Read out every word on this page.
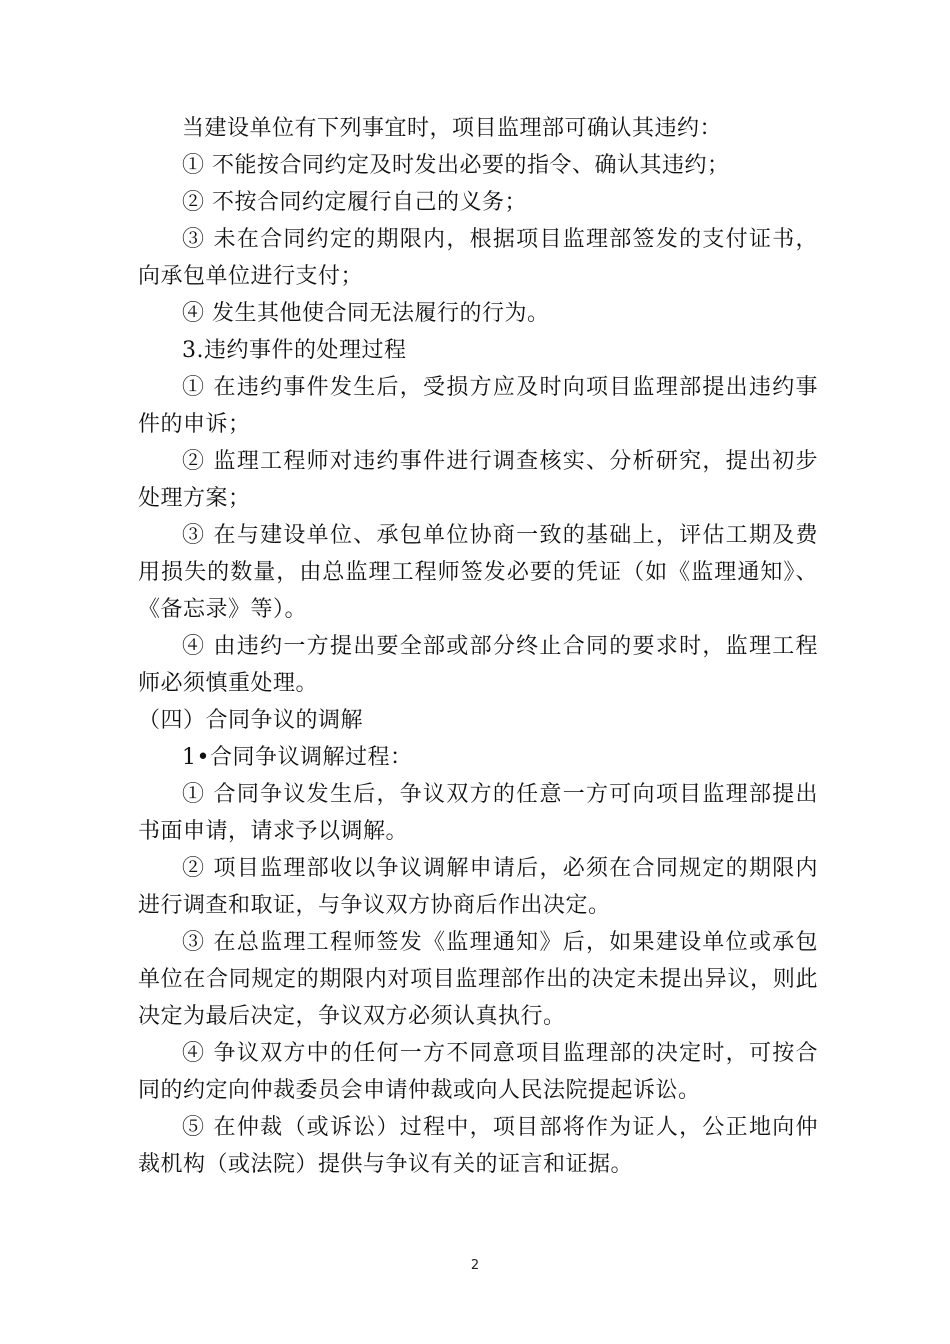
当建设单位有下列事宜时，项目监理部可确认其违约：

① 不能按合同约定及时发出必要的指令、确认其违约；

② 不按合同约定履行自己的义务；

③ 未在合同约定的期限内，根据项目监理部签发的支付证书，向承包单位进行支付；

④ 发生其他使合同无法履行的行为。

3.违约事件的处理过程

① 在违约事件发生后，受损方应及时向项目监理部提出违约事件的申诉；

② 监理工程师对违约事件进行调查核实、分析研究，提出初步处理方案；

③ 在与建设单位、承包单位协商一致的基础上，评估工期及费用损失的数量，由总监理工程师签发必要的凭证（如《监理通知》、《备忘录》等）。

④ 由违约一方提出要全部或部分终止合同的要求时，监理工程师必须慎重处理。

（四）合同争议的调解

1•合同争议调解过程：

① 合同争议发生后，争议双方的任意一方可向项目监理部提出书面申请，请求予以调解。

② 项目监理部收以争议调解申请后，必须在合同规定的期限内进行调查和取证，与争议双方协商后作出决定。

③ 在总监理工程师签发《监理通知》后，如果建设单位或承包单位在合同规定的期限内对项目监理部作出的决定未提出异议，则此决定为最后决定，争议双方必须认真执行。

④ 争议双方中的任何一方不同意项目监理部的决定时，可按合同的约定向仲裁委员会申请仲裁或向人民法院提起诉讼。

⑤ 在仲裁（或诉讼）过程中，项目部将作为证人，公正地向仲裁机构（或法院）提供与争议有关的证言和证据。

2
